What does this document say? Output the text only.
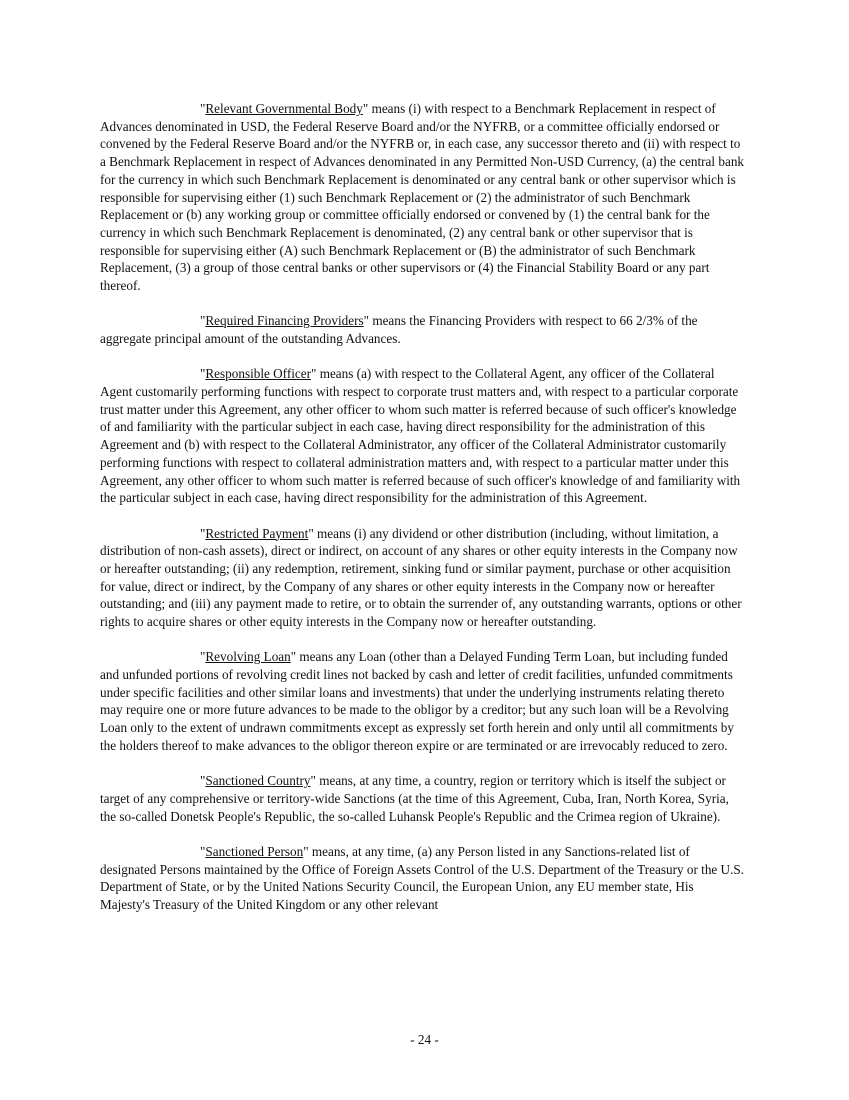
"Relevant Governmental Body" means (i) with respect to a Benchmark Replacement in respect of Advances denominated in USD, the Federal Reserve Board and/or the NYFRB, or a committee officially endorsed or convened by the Federal Reserve Board and/or the NYFRB or, in each case, any successor thereto and (ii) with respect to a Benchmark Replacement in respect of Advances denominated in any Permitted Non-USD Currency, (a) the central bank for the currency in which such Benchmark Replacement is denominated or any central bank or other supervisor which is responsible for supervising either (1) such Benchmark Replacement or (2) the administrator of such Benchmark Replacement or (b) any working group or committee officially endorsed or convened by (1) the central bank for the currency in which such Benchmark Replacement is denominated, (2) any central bank or other supervisor that is responsible for supervising either (A) such Benchmark Replacement or (B) the administrator of such Benchmark Replacement, (3) a group of those central banks or other supervisors or (4) the Financial Stability Board or any part thereof.

"Required Financing Providers" means the Financing Providers with respect to 66 2/3% of the aggregate principal amount of the outstanding Advances.

"Responsible Officer" means (a) with respect to the Collateral Agent, any officer of the Collateral Agent customarily performing functions with respect to corporate trust matters and, with respect to a particular corporate trust matter under this Agreement, any other officer to whom such matter is referred because of such officer's knowledge of and familiarity with the particular subject in each case, having direct responsibility for the administration of this Agreement and (b) with respect to the Collateral Administrator, any officer of the Collateral Administrator customarily performing functions with respect to collateral administration matters and, with respect to a particular matter under this Agreement, any other officer to whom such matter is referred because of such officer's knowledge of and familiarity with the particular subject in each case, having direct responsibility for the administration of this Agreement.

"Restricted Payment" means (i) any dividend or other distribution (including, without limitation, a distribution of non-cash assets), direct or indirect, on account of any shares or other equity interests in the Company now or hereafter outstanding; (ii) any redemption, retirement, sinking fund or similar payment, purchase or other acquisition for value, direct or indirect, by the Company of any shares or other equity interests in the Company now or hereafter outstanding; and (iii) any payment made to retire, or to obtain the surrender of, any outstanding warrants, options or other rights to acquire shares or other equity interests in the Company now or hereafter outstanding.

"Revolving Loan" means any Loan (other than a Delayed Funding Term Loan, but including funded and unfunded portions of revolving credit lines not backed by cash and letter of credit facilities, unfunded commitments under specific facilities and other similar loans and investments) that under the underlying instruments relating thereto may require one or more future advances to be made to the obligor by a creditor; but any such loan will be a Revolving Loan only to the extent of undrawn commitments except as expressly set forth herein and only until all commitments by the holders thereof to make advances to the obligor thereon expire or are terminated or are irrevocably reduced to zero.

"Sanctioned Country" means, at any time, a country, region or territory which is itself the subject or target of any comprehensive or territory-wide Sanctions (at the time of this Agreement, Cuba, Iran, North Korea, Syria, the so-called Donetsk People's Republic, the so-called Luhansk People's Republic and the Crimea region of Ukraine).

"Sanctioned Person" means, at any time, (a) any Person listed in any Sanctions-related list of designated Persons maintained by the Office of Foreign Assets Control of the U.S. Department of the Treasury or the U.S. Department of State, or by the United Nations Security Council, the European Union, any EU member state, His Majesty's Treasury of the United Kingdom or any other relevant

- 24 -
